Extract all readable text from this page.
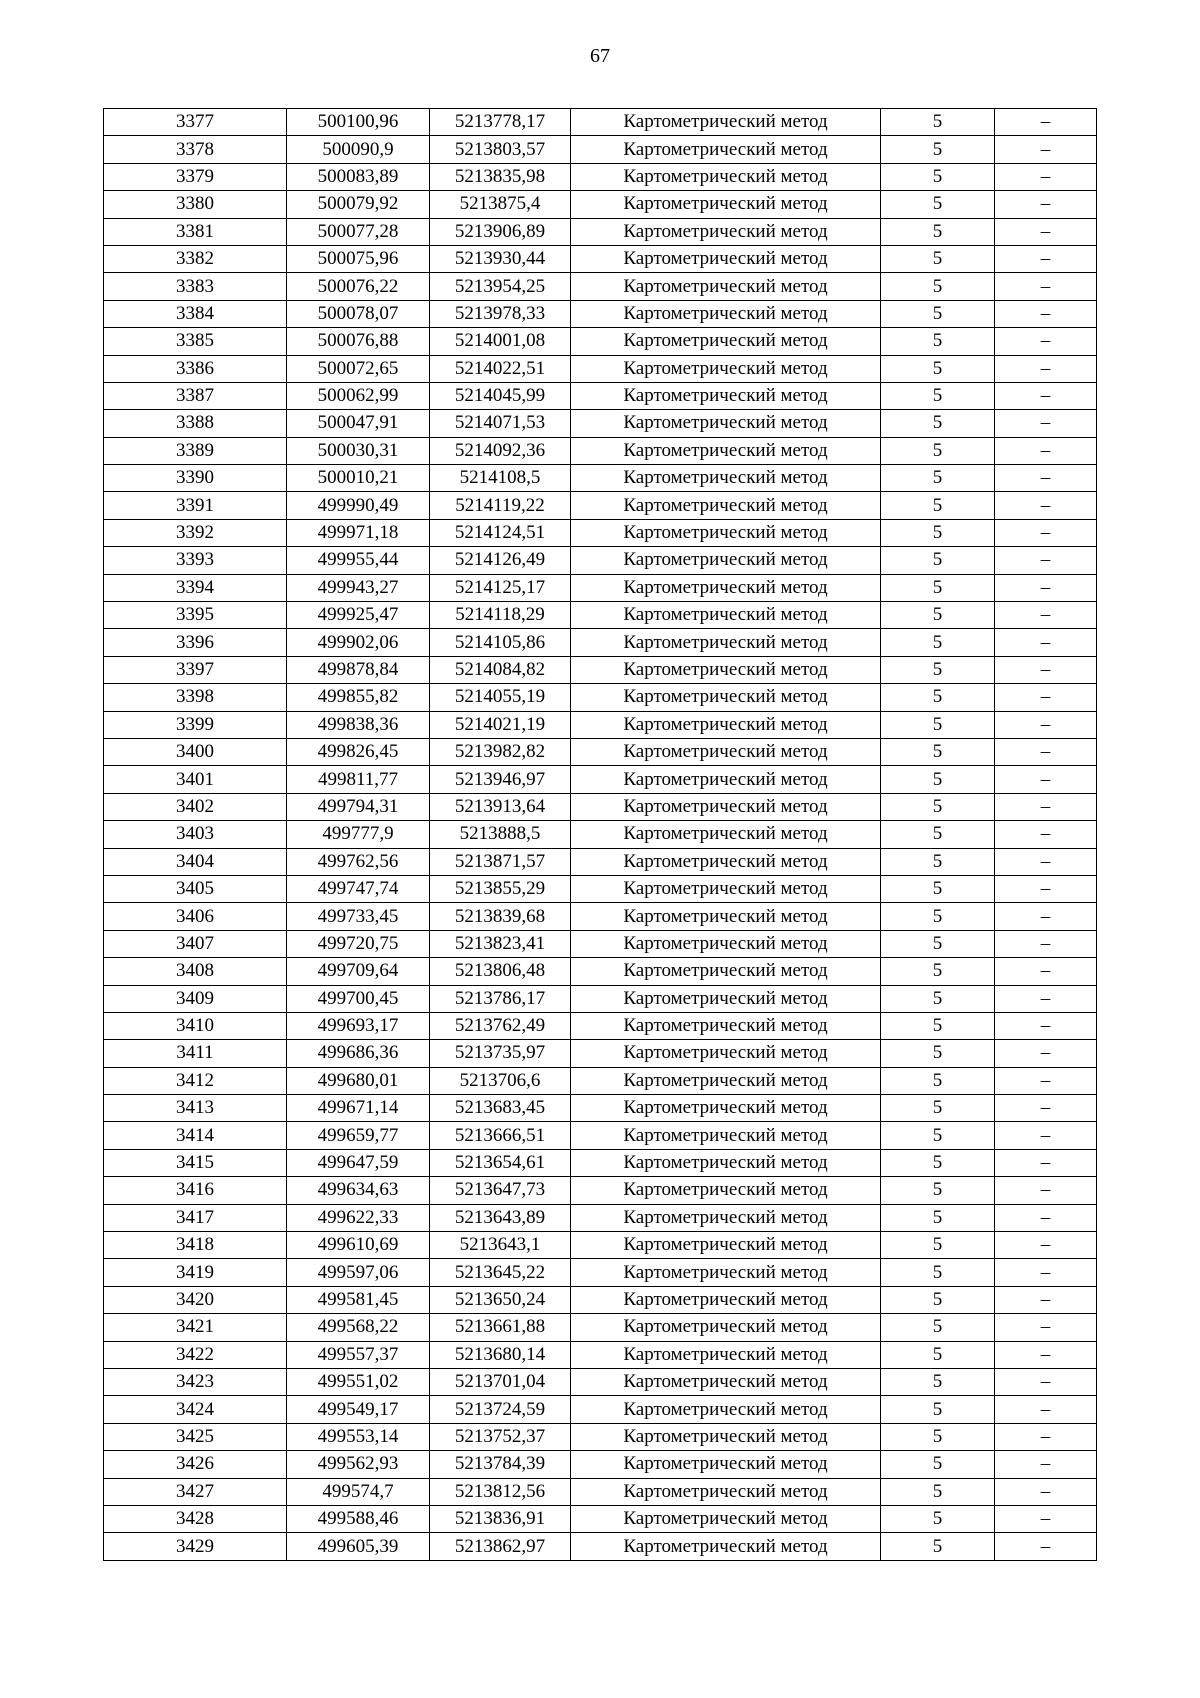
67
3377	500100,96	5213778,17	Картометрический метод	5	–
3378	500090,9	5213803,57	Картометрический метод	5	–
3379	500083,89	5213835,98	Картометрический метод	5	–
3380	500079,92	5213875,4	Картометрический метод	5	–
3381	500077,28	5213906,89	Картометрический метод	5	–
3382	500075,96	5213930,44	Картометрический метод	5	–
3383	500076,22	5213954,25	Картометрический метод	5	–
3384	500078,07	5213978,33	Картометрический метод	5	–
3385	500076,88	5214001,08	Картометрический метод	5	–
3386	500072,65	5214022,51	Картометрический метод	5	–
3387	500062,99	5214045,99	Картометрический метод	5	–
3388	500047,91	5214071,53	Картометрический метод	5	–
3389	500030,31	5214092,36	Картометрический метод	5	–
3390	500010,21	5214108,5	Картометрический метод	5	–
3391	499990,49	5214119,22	Картометрический метод	5	–
3392	499971,18	5214124,51	Картометрический метод	5	–
3393	499955,44	5214126,49	Картометрический метод	5	–
3394	499943,27	5214125,17	Картометрический метод	5	–
3395	499925,47	5214118,29	Картометрический метод	5	–
3396	499902,06	5214105,86	Картометрический метод	5	–
3397	499878,84	5214084,82	Картометрический метод	5	–
3398	499855,82	5214055,19	Картометрический метод	5	–
3399	499838,36	5214021,19	Картометрический метод	5	–
3400	499826,45	5213982,82	Картометрический метод	5	–
3401	499811,77	5213946,97	Картометрический метод	5	–
3402	499794,31	5213913,64	Картометрический метод	5	–
3403	499777,9	5213888,5	Картометрический метод	5	–
3404	499762,56	5213871,57	Картометрический метод	5	–
3405	499747,74	5213855,29	Картометрический метод	5	–
3406	499733,45	5213839,68	Картометрический метод	5	–
3407	499720,75	5213823,41	Картометрический метод	5	–
3408	499709,64	5213806,48	Картометрический метод	5	–
3409	499700,45	5213786,17	Картометрический метод	5	–
3410	499693,17	5213762,49	Картометрический метод	5	–
3411	499686,36	5213735,97	Картометрический метод	5	–
3412	499680,01	5213706,6	Картометрический метод	5	–
3413	499671,14	5213683,45	Картометрический метод	5	–
3414	499659,77	5213666,51	Картометрический метод	5	–
3415	499647,59	5213654,61	Картометрический метод	5	–
3416	499634,63	5213647,73	Картометрический метод	5	–
3417	499622,33	5213643,89	Картометрический метод	5	–
3418	499610,69	5213643,1	Картометрический метод	5	–
3419	499597,06	5213645,22	Картометрический метод	5	–
3420	499581,45	5213650,24	Картометрический метод	5	–
3421	499568,22	5213661,88	Картометрический метод	5	–
3422	499557,37	5213680,14	Картометрический метод	5	–
3423	499551,02	5213701,04	Картометрический метод	5	–
3424	499549,17	5213724,59	Картометрический метод	5	–
3425	499553,14	5213752,37	Картометрический метод	5	–
3426	499562,93	5213784,39	Картометрический метод	5	–
3427	499574,7	5213812,56	Картометрический метод	5	–
3428	499588,46	5213836,91	Картометрический метод	5	–
3429	499605,39	5213862,97	Картометрический метод	5	–
